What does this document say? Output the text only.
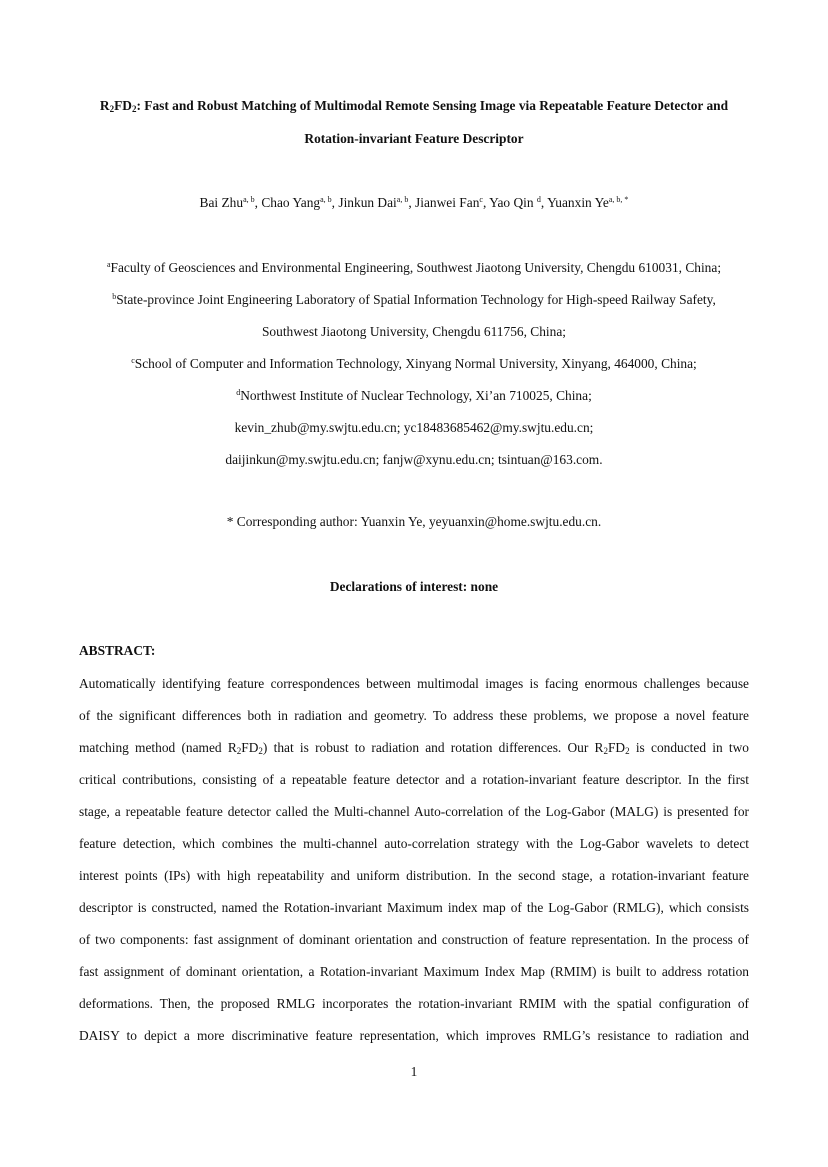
$R_2FD_2$: Fast and Robust Matching of Multimodal Remote Sensing Image via Repeatable Feature Detector and
Rotation-invariant Feature Descriptor
Bai Zhu$^{a, b}$, Chao Yang$^{a, b}$, Jinkun Dai$^{a, b}$, Jianwei Fan$^c$, Yao Qin $^d$, Yuanxin $Ye^{a, b, *}$
$^a$Faculty of Geosciences and Environmental Engineering, Southwest Jiaotong University, Chengdu 610031, China;
$^b$State-province Joint Engineering Laboratory of Spatial Information Technology for High-speed Railway Safety,
Southwest Jiaotong University, Chengdu 611756, China;
$^c$School of Computer and Information Technology, Xinyang Normal University, Xinyang, 464000, China;
$^d$Northwest Institute of Nuclear Technology, Xi’an 710025, China;
kevin_zhub@my.swjtu.edu.cn; yc18483685462@my.swjtu.edu.cn;
daijinkun@my.swjtu.edu.cn; fanjw@xynu.edu.cn; tsintuan@163.com.
* Corresponding author: Yuanxin Ye, yeyuanxin@home.swjtu.edu.cn.
Declarations of interest: none
ABSTRACT:
Automatically identifying feature correspondences between multimodal images is facing enormous challenges because
of the significant differences both in radiation and geometry. To address these problems, we propose a novel feature
matching method (named $R_2FD_2$) that is robust to radiation and rotation differences. Our $R_2FD_2$ is conducted in two
critical contributions, consisting of a repeatable feature detector and a rotation-invariant feature descriptor. In the first
stage, a repeatable feature detector called the Multi-channel Auto-correlation of the Log-Gabor (MALG) is presented for
feature detection, which combines the multi-channel auto-correlation strategy with the Log-Gabor wavelets to detect
interest points (IPs) with high repeatability and uniform distribution. In the second stage, a rotation-invariant feature
descriptor is constructed, named the Rotation-invariant Maximum index map of the Log-Gabor (RMLG), which consists
of two components: fast assignment of dominant orientation and construction of feature representation. In the process of
fast assignment of dominant orientation, a Rotation-invariant Maximum Index Map (RMIM) is built to address rotation
deformations. Then, the proposed RMLG incorporates the rotation-invariant RMIM with the spatial configuration of
DAISY to depict a more discriminative feature representation, which improves RMLG’s resistance to radiation and
1
